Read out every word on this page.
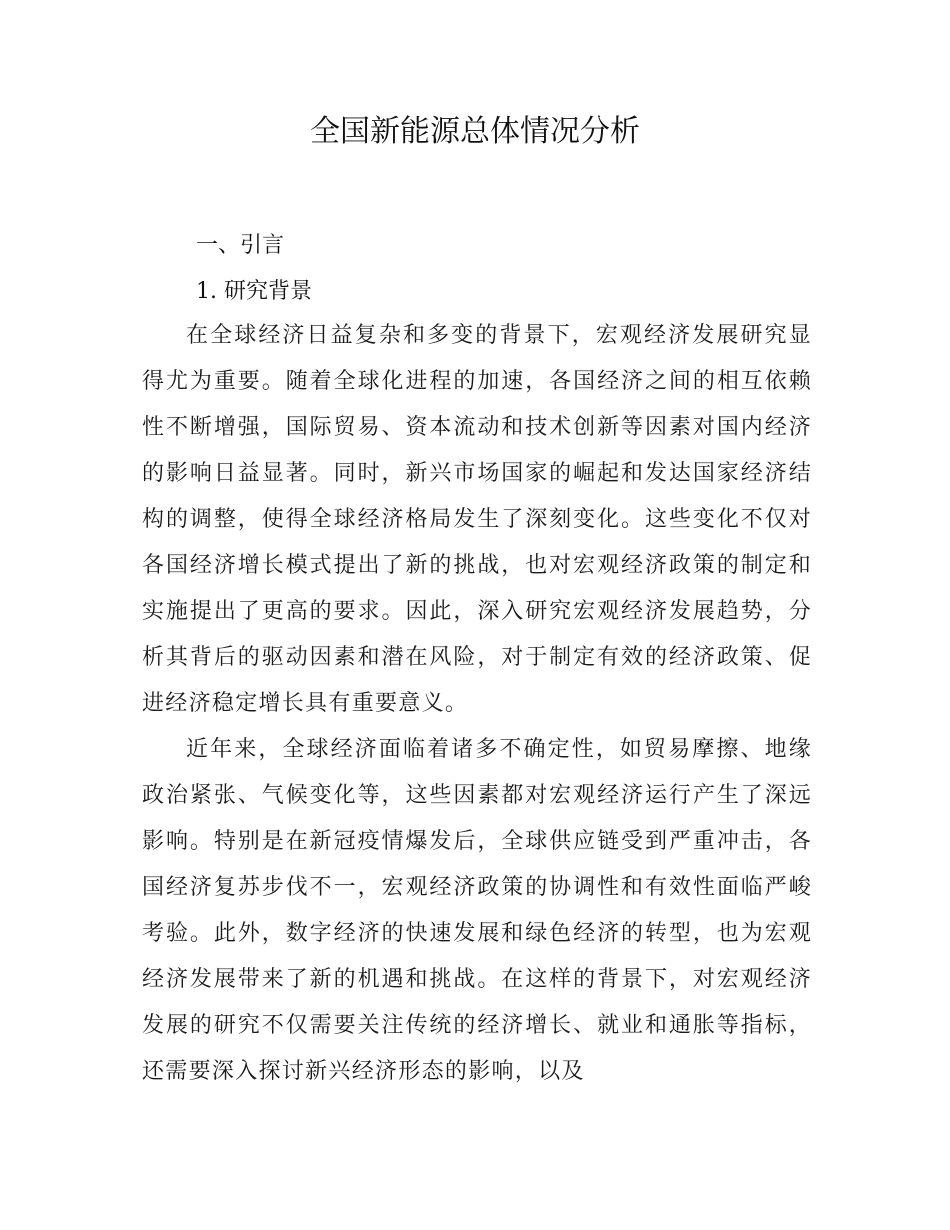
全国新能源总体情况分析
一、引言
1. 研究背景

在全球经济日益复杂和多变的背景下，宏观经济发展研究显得尤为重要。随着全球化进程的加速，各国经济之间的相互依赖性不断增强，国际贸易、资本流动和技术创新等因素对国内经济的影响日益显著。同时，新兴市场国家的崛起和发达国家经济结构的调整，使得全球经济格局发生了深刻变化。这些变化不仅对各国经济增长模式提出了新的挑战，也对宏观经济政策的制定和实施提出了更高的要求。因此，深入研究宏观经济发展趋势，分析其背后的驱动因素和潜在风险，对于制定有效的经济政策、促进经济稳定增长具有重要意义。

近年来，全球经济面临着诸多不确定性，如贸易摩擦、地缘政治紧张、气候变化等，这些因素都对宏观经济运行产生了深远影响。特别是在新冠疫情爆发后，全球供应链受到严重冲击，各国经济复苏步伐不一，宏观经济政策的协调性和有效性面临严峻考验。此外，数字经济的快速发展和绿色经济的转型，也为宏观经济发展带来了新的机遇和挑战。在这样的背景下，对宏观经济发展的研究不仅需要关注传统的经济增长、就业和通胀等指标，还需要深入探讨新兴经济形态的影响，以及
